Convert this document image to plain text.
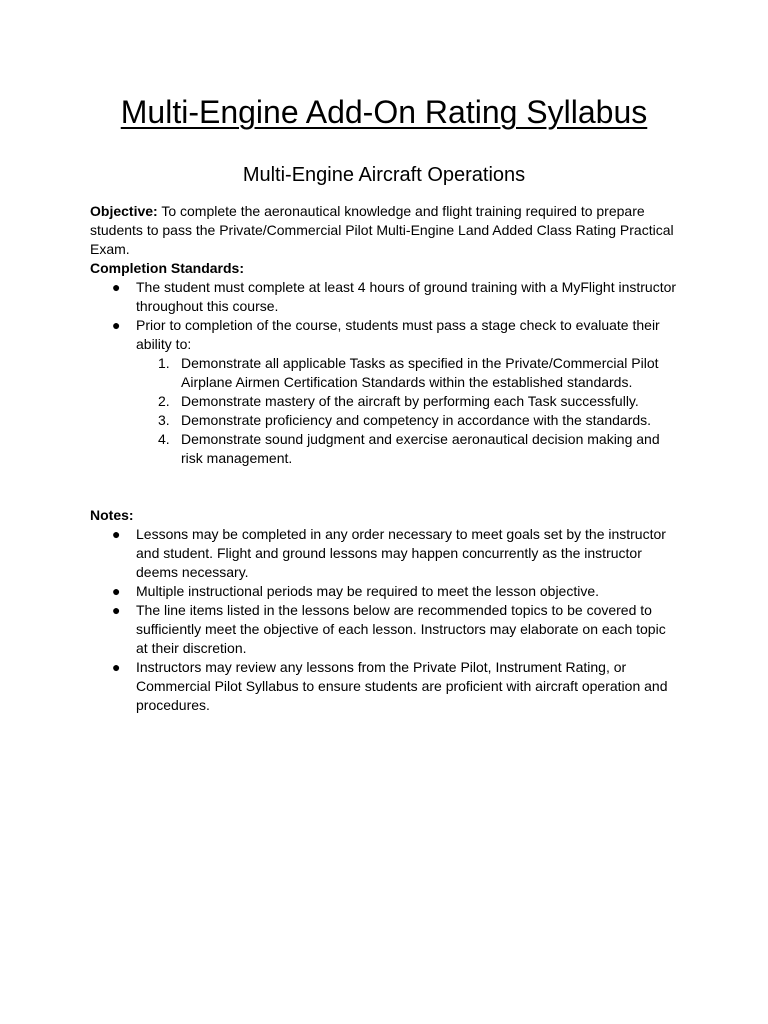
Multi-Engine Add-On Rating Syllabus
Multi-Engine Aircraft Operations

Objective: To complete the aeronautical knowledge and flight training required to prepare students to pass the Private/Commercial Pilot Multi-Engine Land Added Class Rating Practical Exam.

Completion Standards:

● The student must complete at least 4 hours of ground training with a MyFlight instructor throughout this course.
● Prior to completion of the course, students must pass a stage check to evaluate their ability to:
1. Demonstrate all applicable Tasks as specified in the Private/Commercial Pilot Airplane Airmen Certification Standards within the established standards.
2. Demonstrate mastery of the aircraft by performing each Task successfully.
3. Demonstrate proficiency and competency in accordance with the standards.
4. Demonstrate sound judgment and exercise aeronautical decision making and risk management.

Notes:

● Lessons may be completed in any order necessary to meet goals set by the instructor and student. Flight and ground lessons may happen concurrently as the instructor deems necessary.
● Multiple instructional periods may be required to meet the lesson objective.
● The line items listed in the lessons below are recommended topics to be covered to sufficiently meet the objective of each lesson. Instructors may elaborate on each topic at their discretion.
● Instructors may review any lessons from the Private Pilot, Instrument Rating, or Commercial Pilot Syllabus to ensure students are proficient with aircraft operation and procedures.
